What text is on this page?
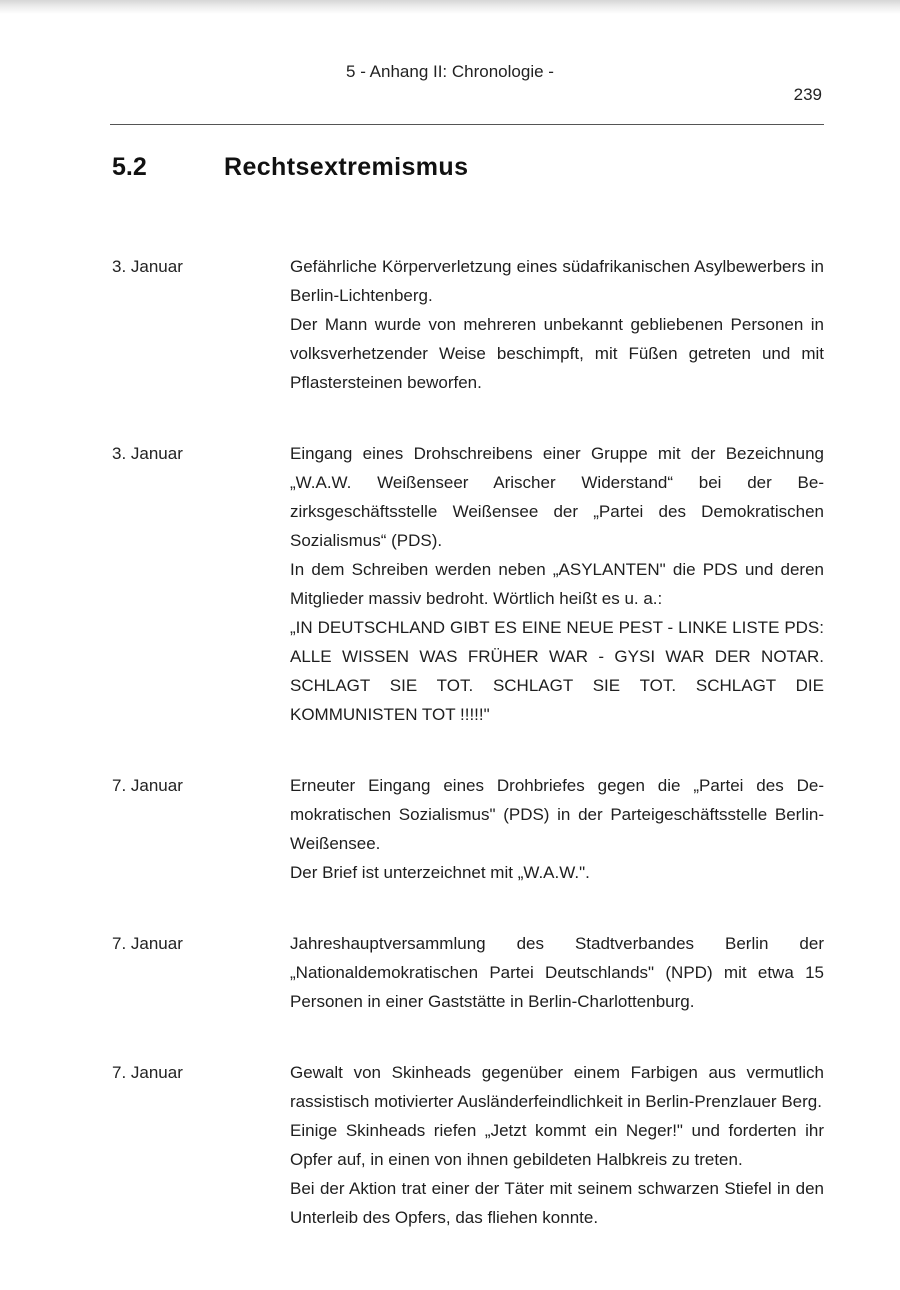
5 - Anhang II: Chronologie -
239
5.2	Rechtsextremismus
3. Januar	Gefährliche Körperverletzung eines südafrikanischen Asylbewerbers in Berlin-Lichtenberg.

Der Mann wurde von mehreren unbekannt gebliebenen Personen in volksverhetzender Weise beschimpft, mit Füßen getreten und mit Pflastersteinen beworfen.

3. Januar	Eingang eines Drohschreibens einer Gruppe mit der Bezeichnung „W.A.W. Weißenseer Arischer Widerstand“ bei der Bezirksgeschäftsstelle Weißensee der „Partei des Demokratischen Sozialismus“ (PDS).

In dem Schreiben werden neben „ASYLANTEN" die PDS und deren Mitglieder massiv bedroht. Wörtlich heißt es u. a.:

„IN DEUTSCHLAND GIBT ES EINE NEUE PEST - LINKE LISTE PDS: ALLE WISSEN WAS FRÜHER WAR - GYSI WAR DER NOTAR. SCHLAGT SIE TOT. SCHLAGT SIE TOT. SCHLAGT DIE KOMMUNISTEN TOT !!!!!"

7. Januar	Erneuter Eingang eines Drohbriefes gegen die „Partei des Demokratischen Sozialismus" (PDS) in der Parteigeschäftsstelle Berlin-Weißensee.

Der Brief ist unterzeichnet mit „W.A.W.".

7. Januar	Jahreshauptversammlung des Stadtverbandes Berlin der „Nationaldemokratischen Partei Deutschlands" (NPD) mit etwa 15 Personen in einer Gaststätte in Berlin-Charlottenburg.

7. Januar	Gewalt von Skinheads gegenüber einem Farbigen aus vermutlich rassistisch motivierter Ausländerfeindlichkeit in Berlin-Prenzlauer Berg.

Einige Skinheads riefen „Jetzt kommt ein Neger!" und forderten ihr Opfer auf, in einen von ihnen gebildeten Halbkreis zu treten.

Bei der Aktion trat einer der Täter mit seinem schwarzen Stiefel in den Unterleib des Opfers, das fliehen konnte.
